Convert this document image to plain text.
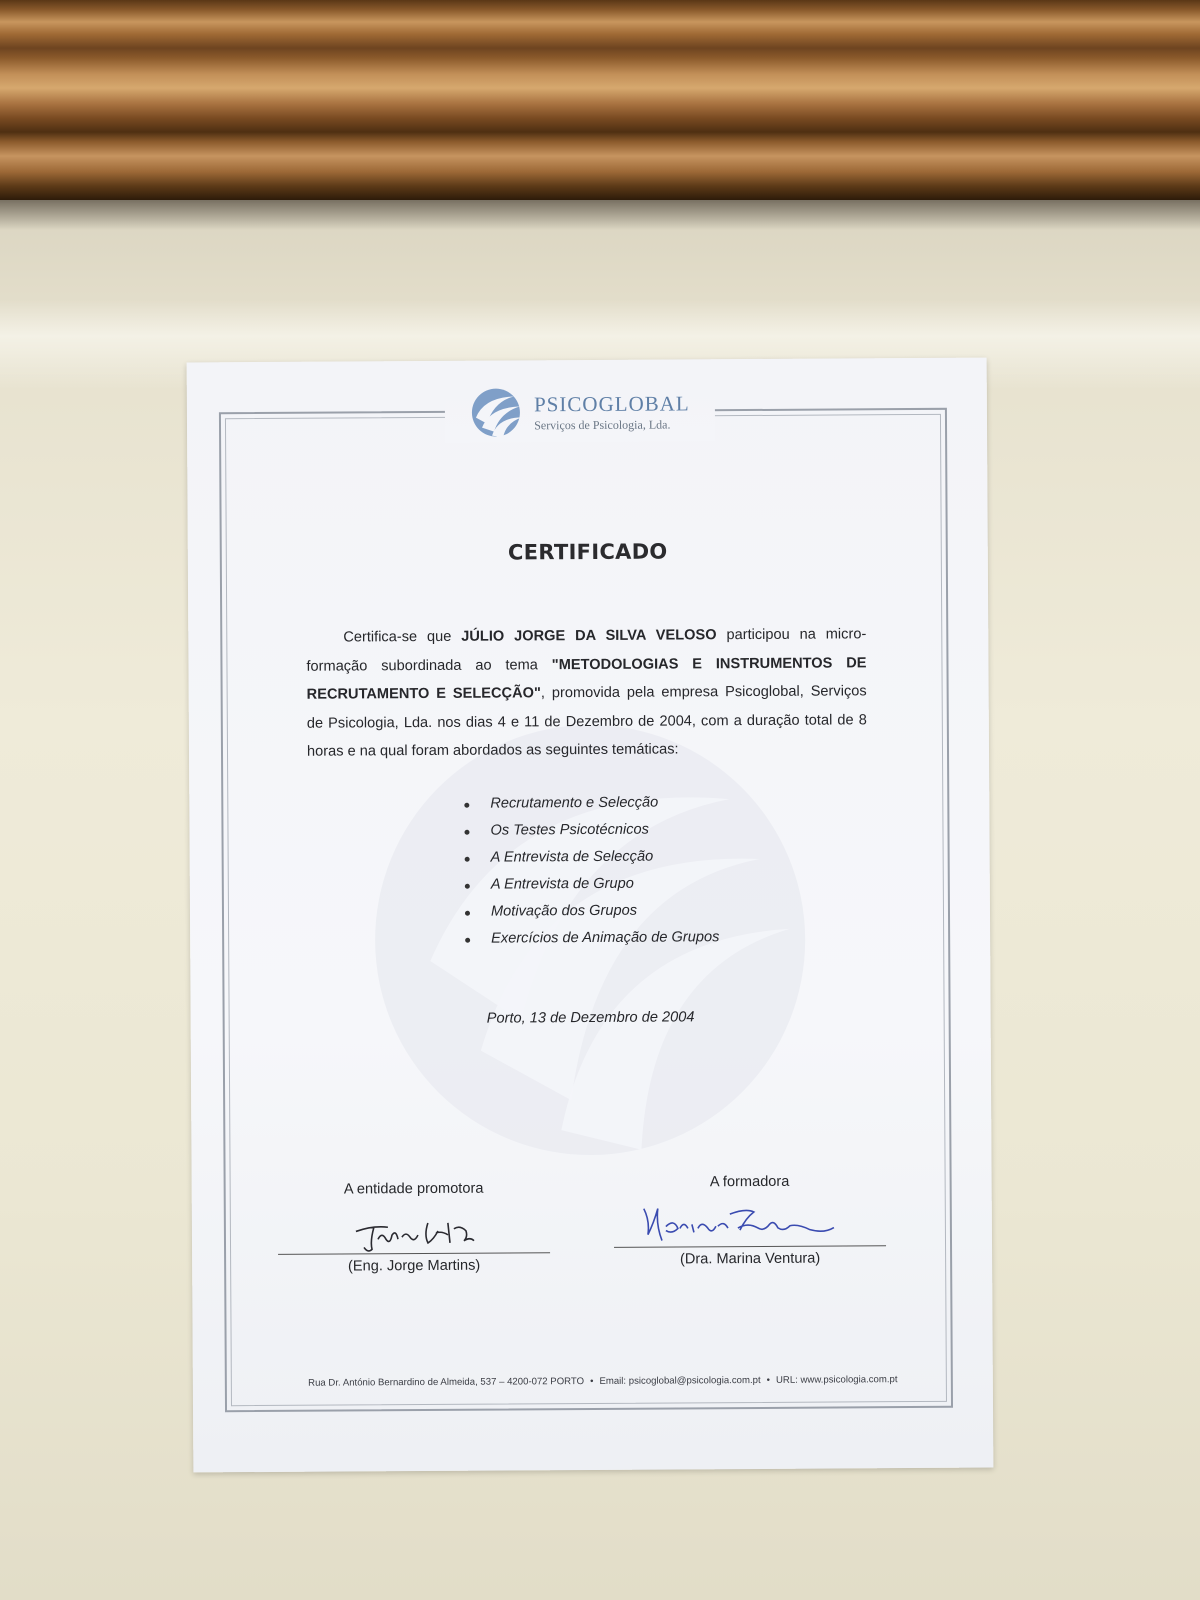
PSICOGLOBAL
Serviços de Psicologia, Lda.
CERTIFICADO
Certifica-se que JÚLIO JORGE DA SILVA VELOSO participou na micro-formação subordinada ao tema "METODOLOGIAS E INSTRUMENTOS DE RECRUTAMENTO E SELECÇÃO", promovida pela empresa Psicoglobal, Serviços de Psicologia, Lda. nos dias 4 e 11 de Dezembro de 2004, com a duração total de 8 horas e na qual foram abordados as seguintes temáticas:
Recrutamento e Selecção
Os Testes Psicotécnicos
A Entrevista de Selecção
A Entrevista de Grupo
Motivação dos Grupos
Exercícios de Animação de Grupos
Porto, 13 de Dezembro de 2004
A entidade promotora
(Eng. Jorge Martins)
A formadora
(Dra. Marina Ventura)
Rua Dr. António Bernardino de Almeida, 537 – 4200-072 PORTO • Email: psicoglobal@psicologia.com.pt • URL: www.psicologia.com.pt
